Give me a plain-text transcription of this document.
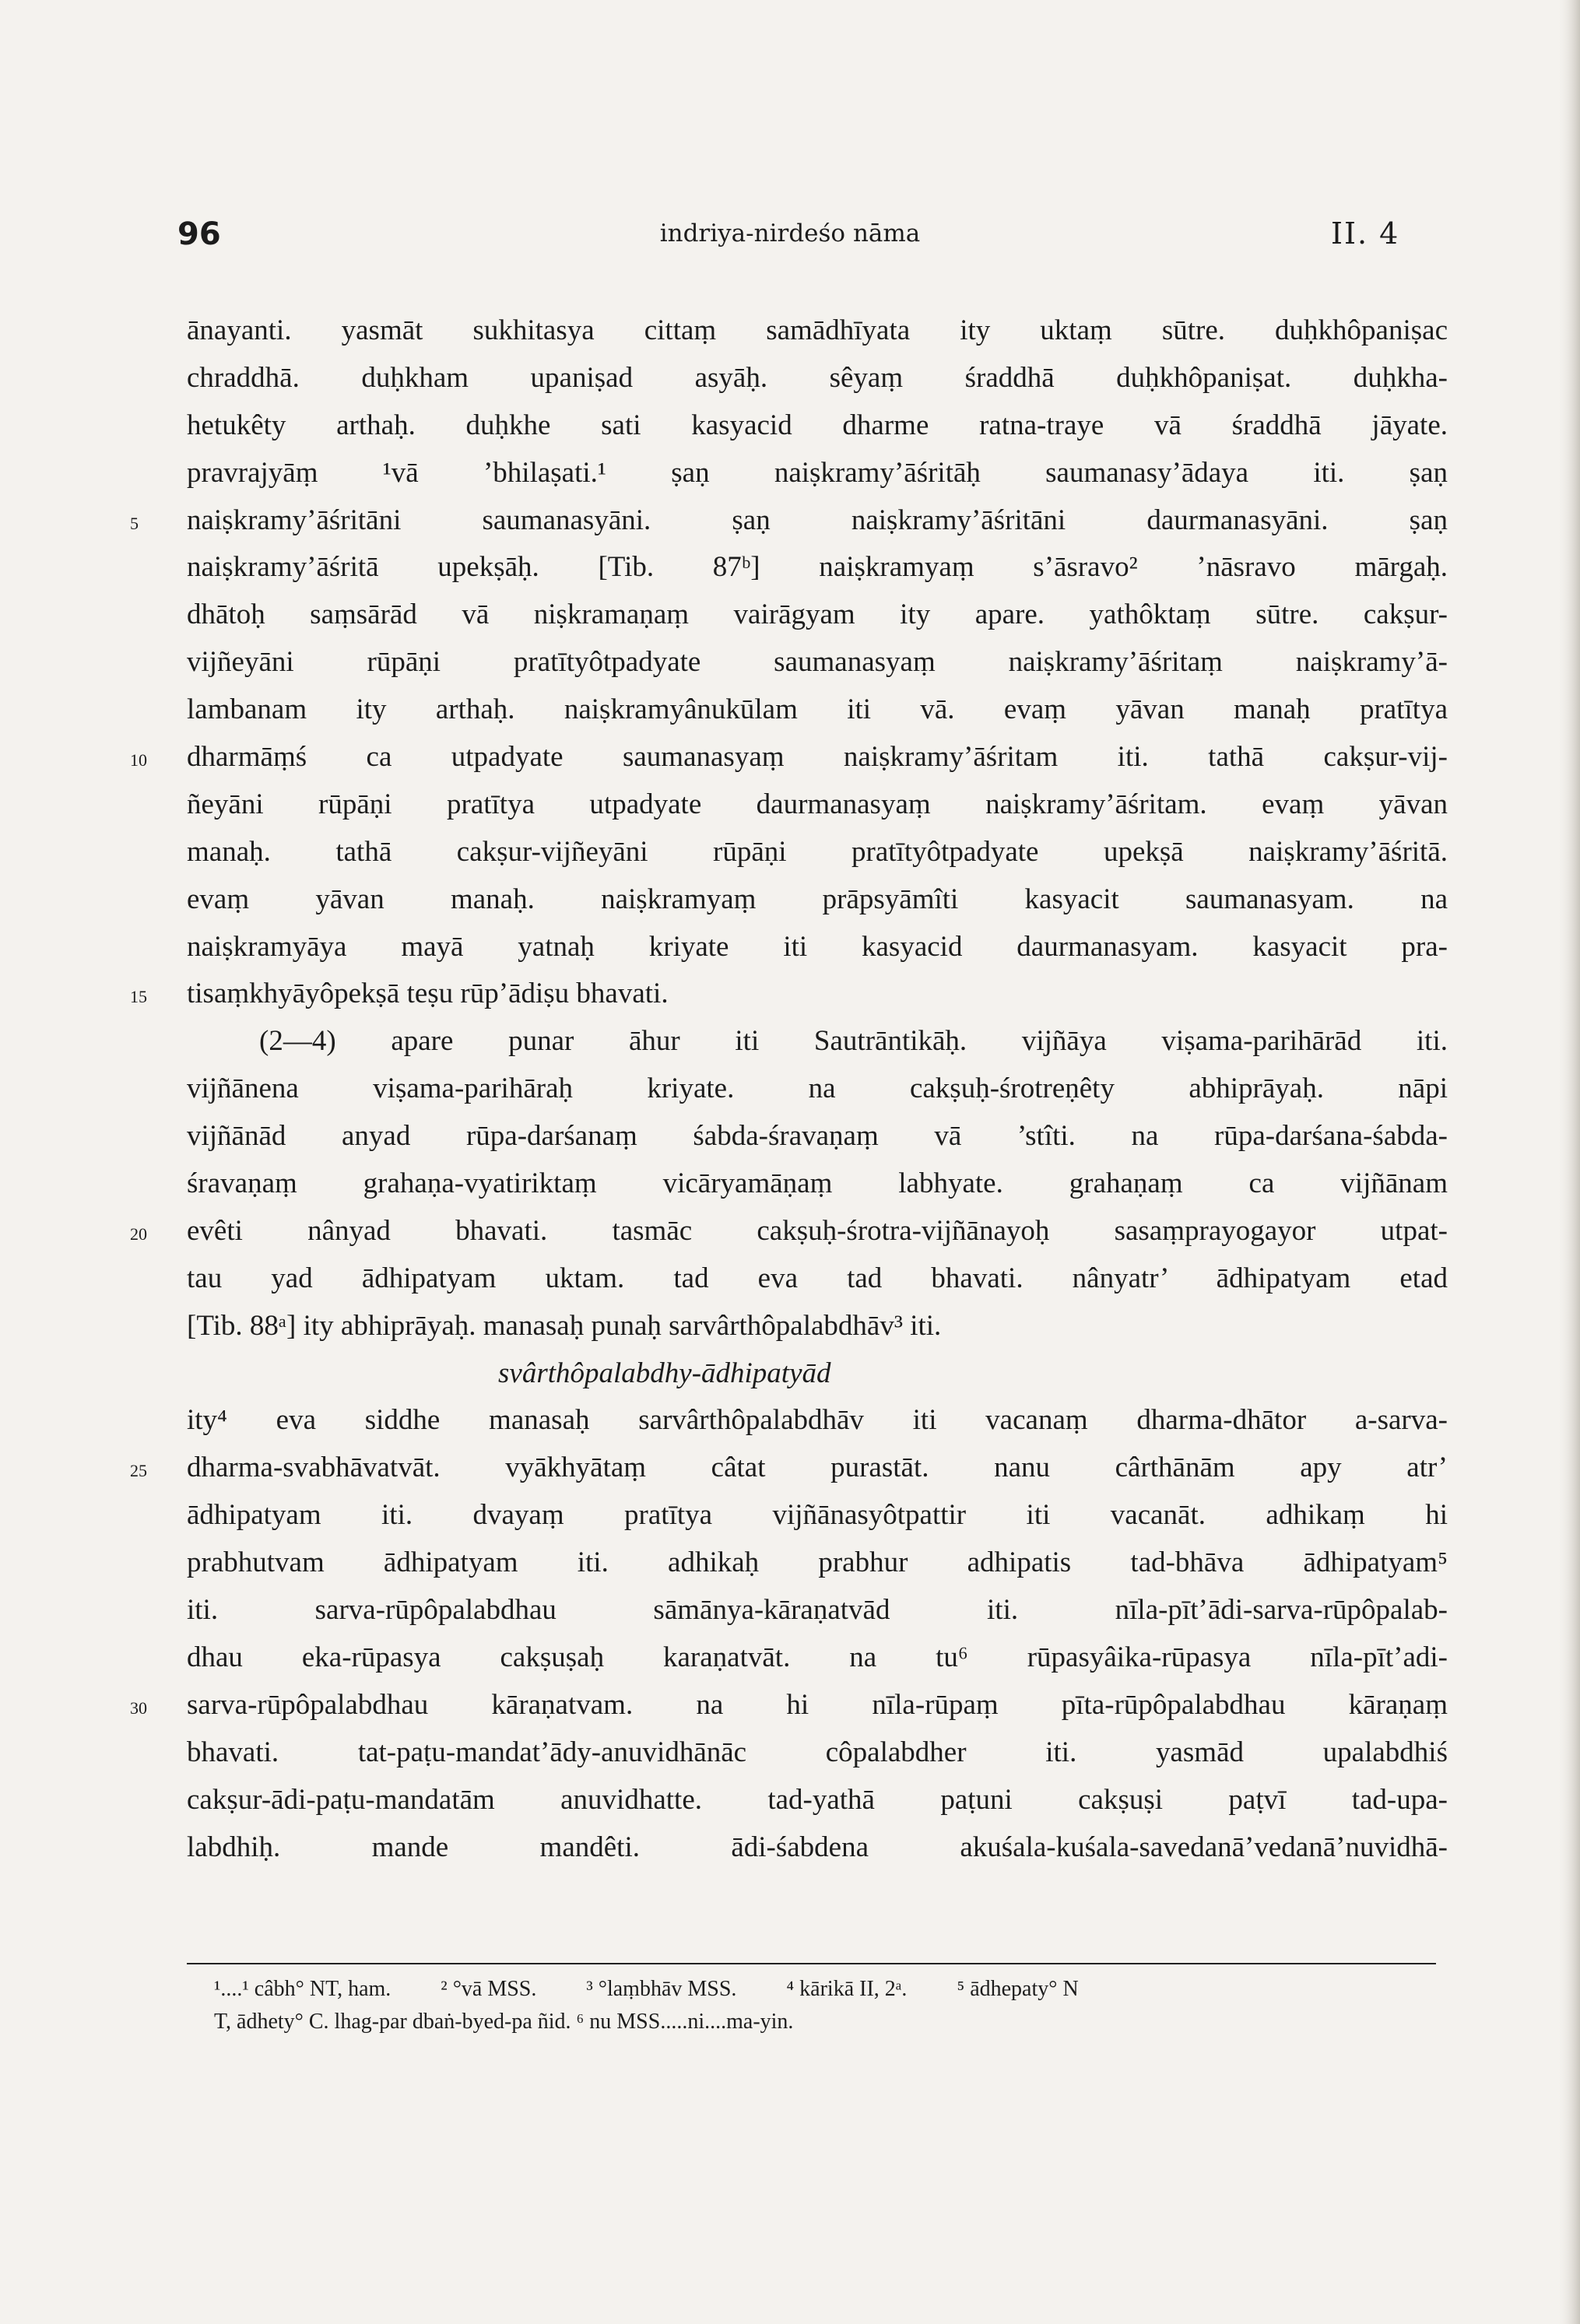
96	indriya-nirdeśo nāma	II. 4
ānayanti. yasmāt sukhitasya cittaṃ samādhīyata ity uktaṃ sūtre. duḥkhôpaniṣac
chraddhā. duḥkham upaniṣad asyāḥ. sêyaṃ śraddhā duḥkhôpaniṣat. duḥkha-
hetukêty arthaḥ. duḥkhe sati kasyacid dharme ratna-traye vā śraddhā jāyate.
pravrajyāṃ ¹vā ’bhilaṣati.¹ ṣaṇ naiṣkramy’āśritāḥ saumanasy’ādaya iti. ṣaṇ
5	naiṣkramy’āśritāni saumanasyāni. ṣaṇ naiṣkramy’āśritāni daurmanasyāni. ṣaṇ
naiṣkramy’āśritā upekṣāḥ. [Tib. 87ᵇ] naiṣkramyaṃ s’āsravo² ’nāsravo mārgaḥ.
dhātoḥ saṃsārād vā niṣkramaṇaṃ vairāgyam ity apare. yathôktaṃ sūtre. cakṣur-
vijñeyāni rūpāṇi pratītyôtpadyate saumanasyaṃ naiṣkramy’āśritaṃ naiṣkramy’ā-
lambanam ity arthaḥ. naiṣkramyânukūlam iti vā. evaṃ yāvan manaḥ pratītya
10	dharmāṃś ca utpadyate saumanasyaṃ naiṣkramy’āśritam iti. tathā cakṣur-vij-
ñeyāni rūpāṇi pratītya utpadyate daurmanasyaṃ naiṣkramy’āśritam. evaṃ yāvan
manaḥ. tathā cakṣur-vijñeyāni rūpāṇi pratītyôtpadyate upekṣā naiṣkramy’āśritā.
evaṃ yāvan manaḥ. naiṣkramyaṃ prāpsyāmîti kasyacit saumanasyam. na
naiṣkramyāya mayā yatnaḥ kriyate iti kasyacid daurmanasyam. kasyacit pra-
15	tisaṃkhyāyôpekṣā teṣu rūp’ādiṣu bhavati.
(2—4) apare punar āhur iti Sautrāntikāḥ. vijñāya viṣama-parihārād iti.
vijñānena viṣama-parihāraḥ kriyate. na cakṣuḥ-śrotreṇêty abhiprāyaḥ. nāpi
vijñānād anyad rūpa-darśanaṃ śabda-śravaṇaṃ vā ’stîti. na rūpa-darśana-śabda-
śravaṇaṃ grahaṇa-vyatiriktaṃ vicāryamāṇaṃ labhyate. grahaṇaṃ ca vijñānam
20	evêti nânyad bhavati. tasmāc cakṣuḥ-śrotra-vijñānayoḥ sasaṃprayogayor utpat-
tau yad ādhipatyam uktam. tad eva tad bhavati. nânyatr’ ādhipatyam etad
[Tib. 88ᵃ] ity abhiprāyaḥ. manasaḥ punaḥ sarvârthôpalabdhāv³ iti.
svârthôpalabdhy-ādhipatyād
ity⁴ eva siddhe manasaḥ sarvârthôpalabdhāv iti vacanaṃ dharma-dhātor a-sarva-
25	dharma-svabhāvatvāt. vyākhyātaṃ câtat purastāt. nanu cârthānām apy atr’
ādhipatyam iti. dvayaṃ pratītya vijñānasyôtpattir iti vacanāt. adhikaṃ hi
prabhutvam ādhipatyam iti. adhikaḥ prabhur adhipatis tad-bhāva ādhipatyam⁵
iti. sarva-rūpôpalabdhau sāmānya-kāraṇatvād iti. nīla-pīt’ādi-sarva-rūpôpalab-
dhau eka-rūpasya cakṣuṣaḥ karaṇatvāt. na tu⁶ rūpasyâika-rūpasya nīla-pīt’adi-
30	sarva-rūpôpalabdhau kāraṇatvam. na hi nīla-rūpaṃ pīta-rūpôpalabdhau kāraṇaṃ
bhavati. tat-paṭu-mandat’ādy-anuvidhānāc côpalabdher iti. yasmād upalabdhiś
cakṣur-ādi-paṭu-mandatām anuvidhatte. tad-yathā paṭuni cakṣuṣi paṭvī tad-upa-
labdhiḥ. mande mandêti. ādi-śabdena akuśala-kuśala-savedanā’vedanā’nuvidhā-
¹....¹ câbh° NT, ham. ² °vā MSS. ³ °laṃbhāv MSS. ⁴ kārikā II, 2ᵃ. ⁵ ādhepaty° N
T, ādhety° C. lhag-par dbaṅ-byed-pa ñid. ⁶ nu MSS.....ni....ma-yin.
